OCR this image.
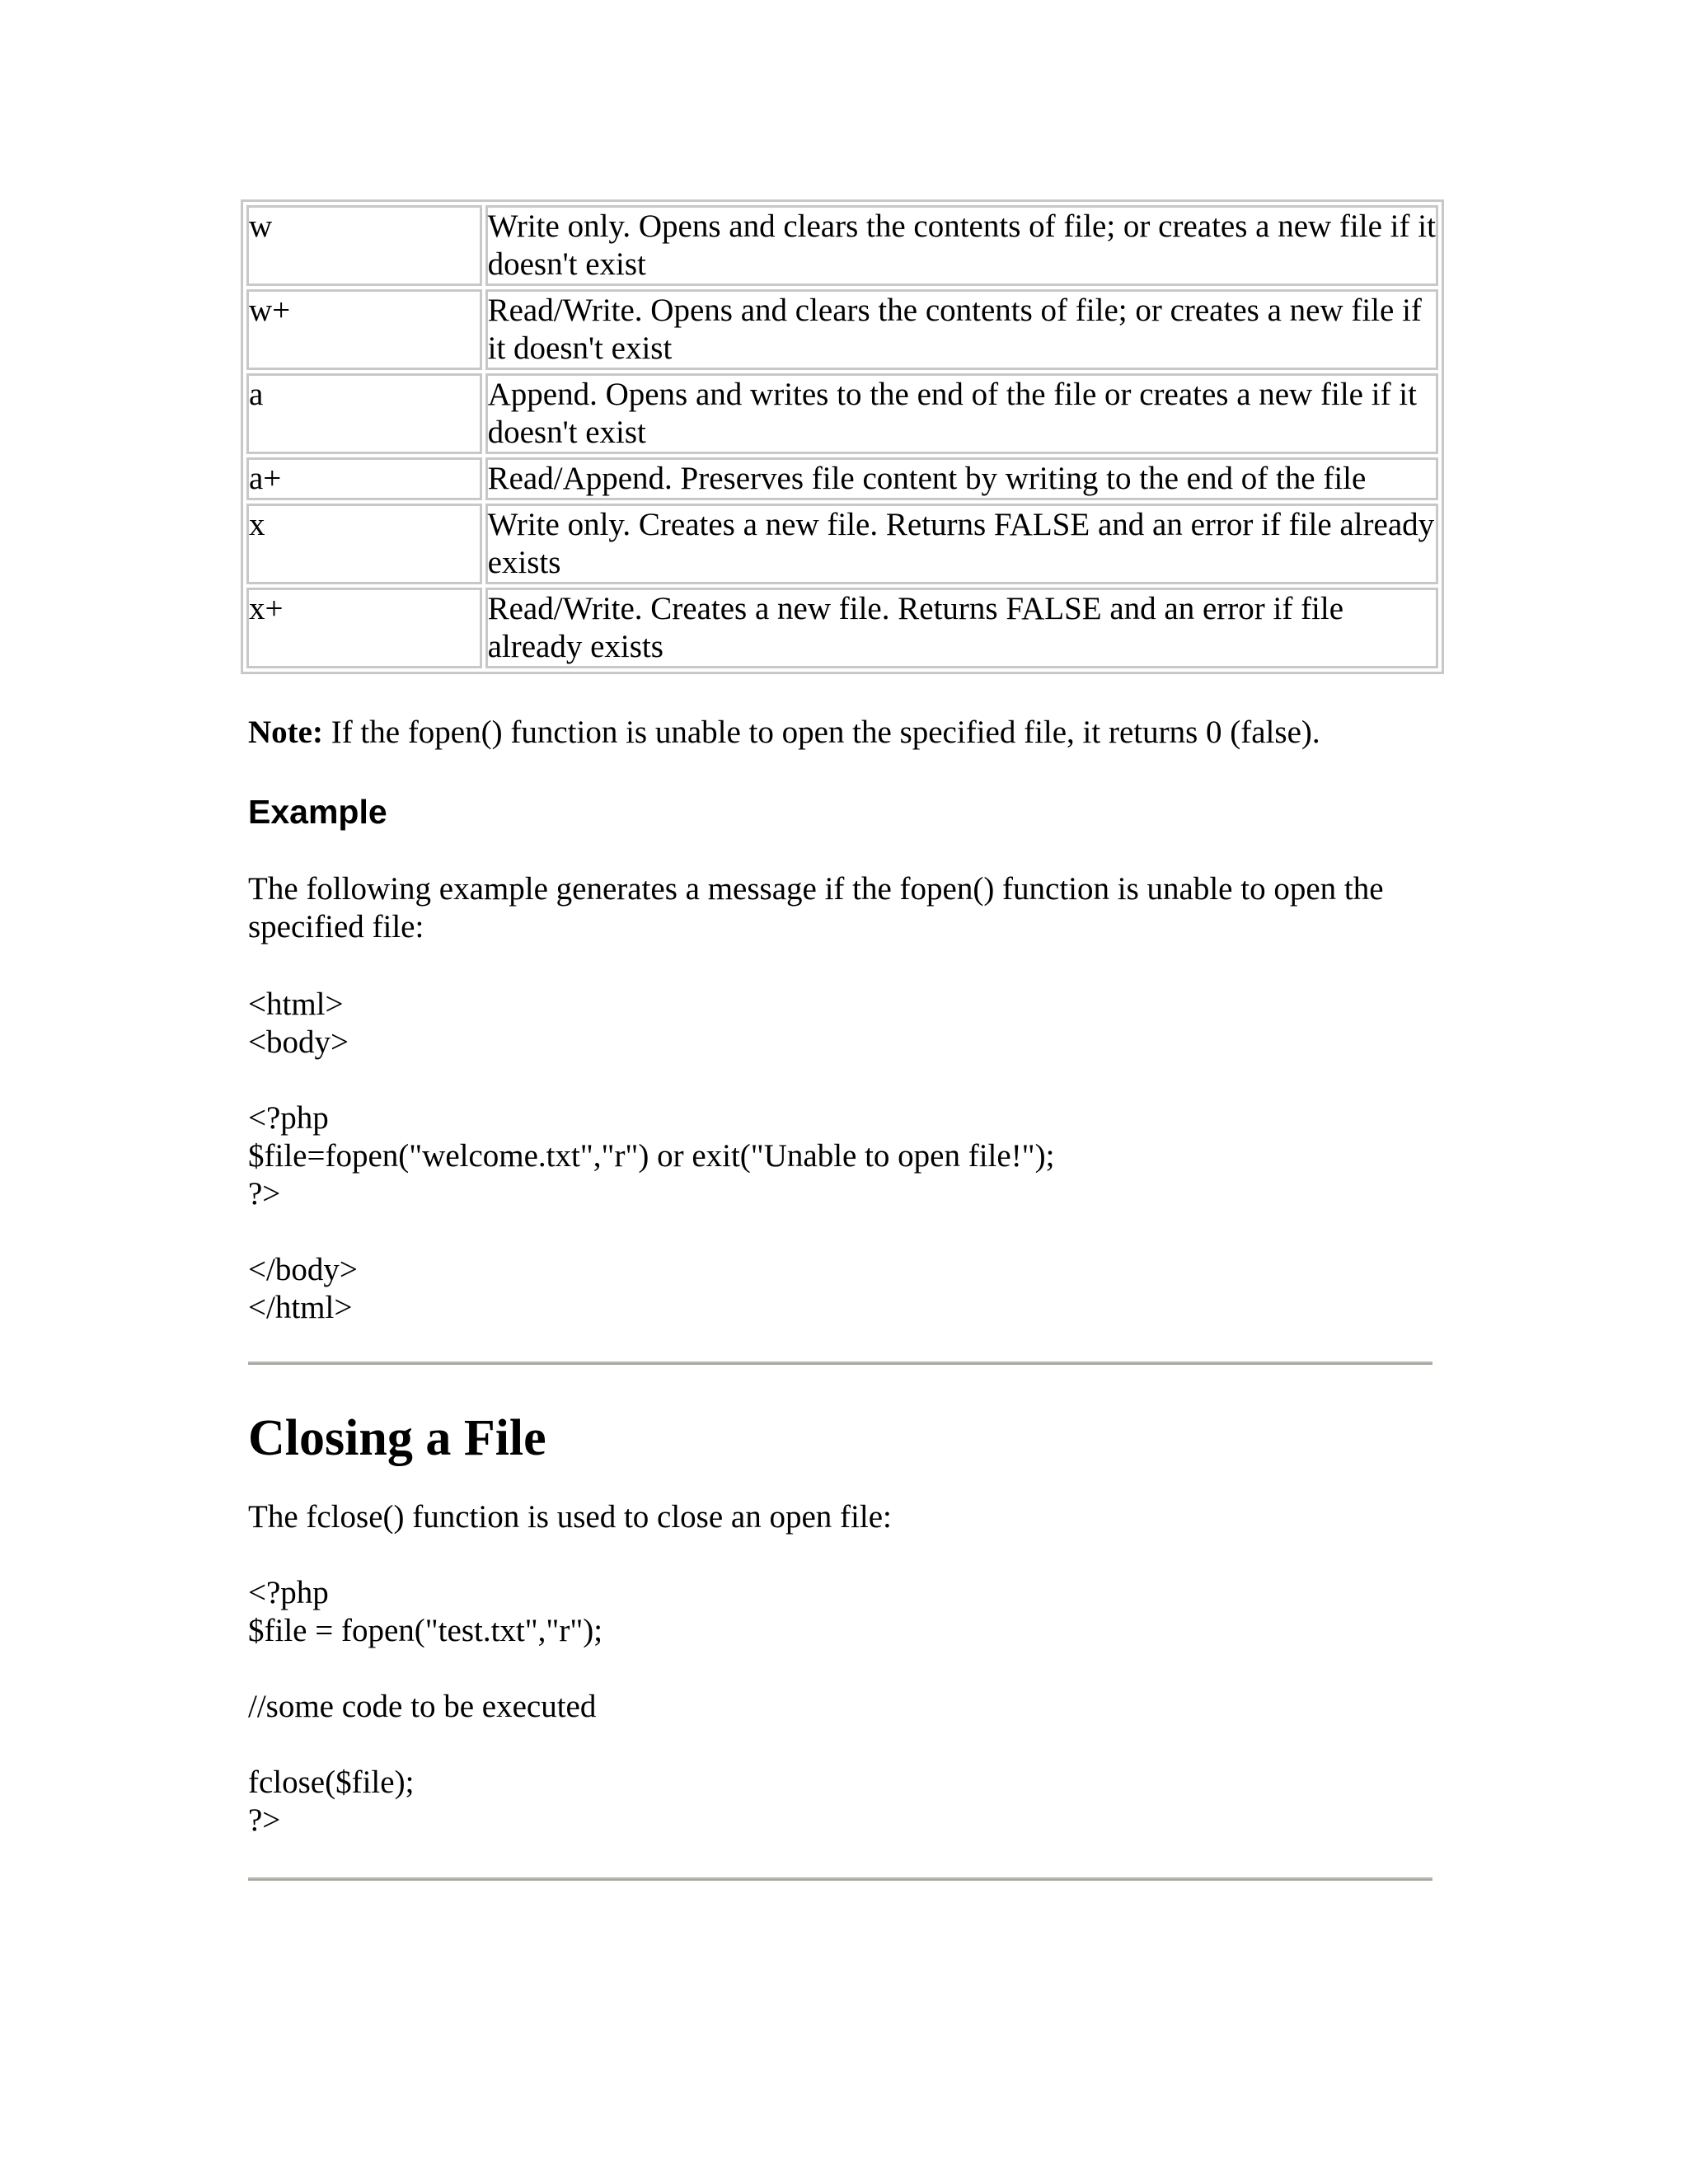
w	Write only. Opens and clears the contents of file; or creates a new file if it doesn't exist
w+	Read/Write. Opens and clears the contents of file; or creates a new file if it doesn't exist
a	Append. Opens and writes to the end of the file or creates a new file if it doesn't exist
a+	Read/Append. Preserves file content by writing to the end of the file
x	Write only. Creates a new file. Returns FALSE and an error if file already exists
x+	Read/Write. Creates a new file. Returns FALSE and an error if file already exists

Note: If the fopen() function is unable to open the specified file, it returns 0 (false).

Example

The following example generates a message if the fopen() function is unable to open the specified file:

<html>
<body>
<?php
$file=fopen("welcome.txt","r") or exit("Unable to open file!");
?>
</body>
</html>
Closing a File

The fclose() function is used to close an open file:

<?php
$file = fopen("test.txt","r");
//some code to be executed
fclose($file);
?>
